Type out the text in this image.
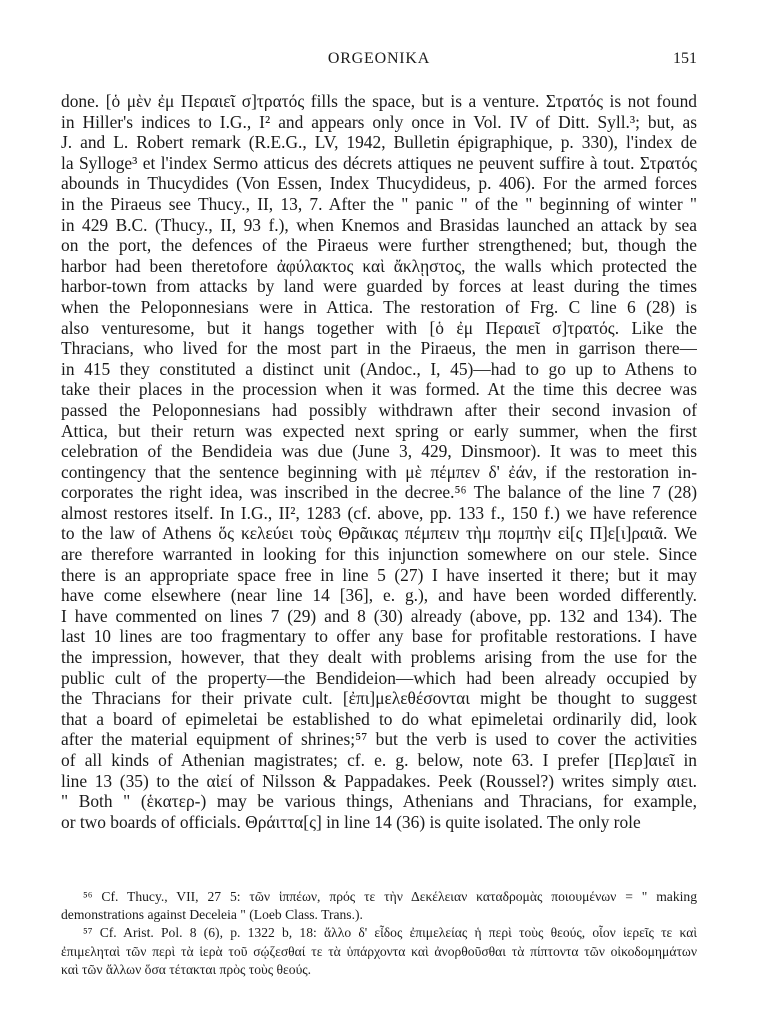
ORGEONIKA	151
done. [ὁ μὲν ἐμ Περαιεῖ σ]τρατός fills the space, but is a venture. Στρατός is not found
in Hiller's indices to I.G., I² and appears only once in Vol. IV of Ditt. Syll.³; but, as
J. and L. Robert remark (R.E.G., LV, 1942, Bulletin épigraphique, p. 330), l'index de
la Sylloge³ et l'index Sermo atticus des décrets attiques ne peuvent suffire à tout. Στρατός
abounds in Thucydides (Von Essen, Index Thucydideus, p. 406). For the armed forces
in the Piraeus see Thucy., II, 13, 7. After the " panic " of the " beginning of winter "
in 429 B.C. (Thucy., II, 93 f.), when Knemos and Brasidas launched an attack by sea
on the port, the defences of the Piraeus were further strengthened; but, though the
harbor had been theretofore ἀφύλακτος καὶ ἄκλῃστος, the walls which protected the
harbor-town from attacks by land were guarded by forces at least during the times
when the Peloponnesians were in Attica. The restoration of Frg. C line 6 (28) is
also venturesome, but it hangs together with [ὁ ἐμ Περαιεῖ σ]τρατός. Like the
Thracians, who lived for the most part in the Piraeus, the men in garrison there—
in 415 they constituted a distinct unit (Andoc., I, 45)—had to go up to Athens to
take their places in the procession when it was formed. At the time this decree was
passed the Peloponnesians had possibly withdrawn after their second invasion of
Attica, but their return was expected next spring or early summer, when the first
celebration of the Bendideia was due (June 3, 429, Dinsmoor). It was to meet this
contingency that the sentence beginning with μὲ πέμπεν δ' ἐάν, if the restoration in-
corporates the right idea, was inscribed in the decree.⁵⁶ The balance of the line 7 (28)
almost restores itself. In I.G., II², 1283 (cf. above, pp. 133 f., 150 f.) we have reference
to the law of Athens ὅς κελεύει τοὺς Θρᾶικας πέμπειν τὴμ πομπὴν εἰ[ς Π]ε[ι]ραιᾶ. We
are therefore warranted in looking for this injunction somewhere on our stele. Since
there is an appropriate space free in line 5 (27) I have inserted it there; but it may
have come elsewhere (near line 14 [36], e. g.), and have been worded differently.
I have commented on lines 7 (29) and 8 (30) already (above, pp. 132 and 134). The
last 10 lines are too fragmentary to offer any base for profitable restorations. I have
the impression, however, that they dealt with problems arising from the use for the
public cult of the property—the Bendideion—which had been already occupied by
the Thracians for their private cult. [ἐπι]μελεθέσονται might be thought to suggest
that a board of epimeletai be established to do what epimeletai ordinarily did, look
after the material equipment of shrines;⁵⁷ but the verb is used to cover the activities
of all kinds of Athenian magistrates; cf. e. g. below, note 63. I prefer [Περ]αιεῖ in
line 13 (35) to the αἰεί of Nilsson & Pappadakes. Peek (Roussel?) writes simply αιει.
" Both " (ἑκατερ-) may be various things, Athenians and Thracians, for example,
or two boards of officials. Θράιττα[ς] in line 14 (36) is quite isolated. The only role
⁵⁶ Cf. Thucy., VII, 27 5: τῶν ἱππέων, πρός τε τὴν Δεκέλειαν καταδρομὰς ποιουμένων = " making
demonstrations against Deceleia " (Loeb Class. Trans.).
⁵⁷ Cf. Arist. Pol. 8 (6), p. 1322 b, 18: ἄλλο δ' εἶδος ἐπιμελείας ἡ περὶ τοὺς θεούς, οἷον ἱερεῖς τε καὶ
ἐπιμεληταὶ τῶν περὶ τὰ ἱερὰ τοῦ σῴζεσθαί τε τὰ ὑπάρχοντα καὶ ἀνορθοῦσθαι τὰ πίπτοντα τῶν οἰκοδομημάτων
καὶ τῶν ἄλλων ὅσα τέτακται πρὸς τοὺς θεούς.
